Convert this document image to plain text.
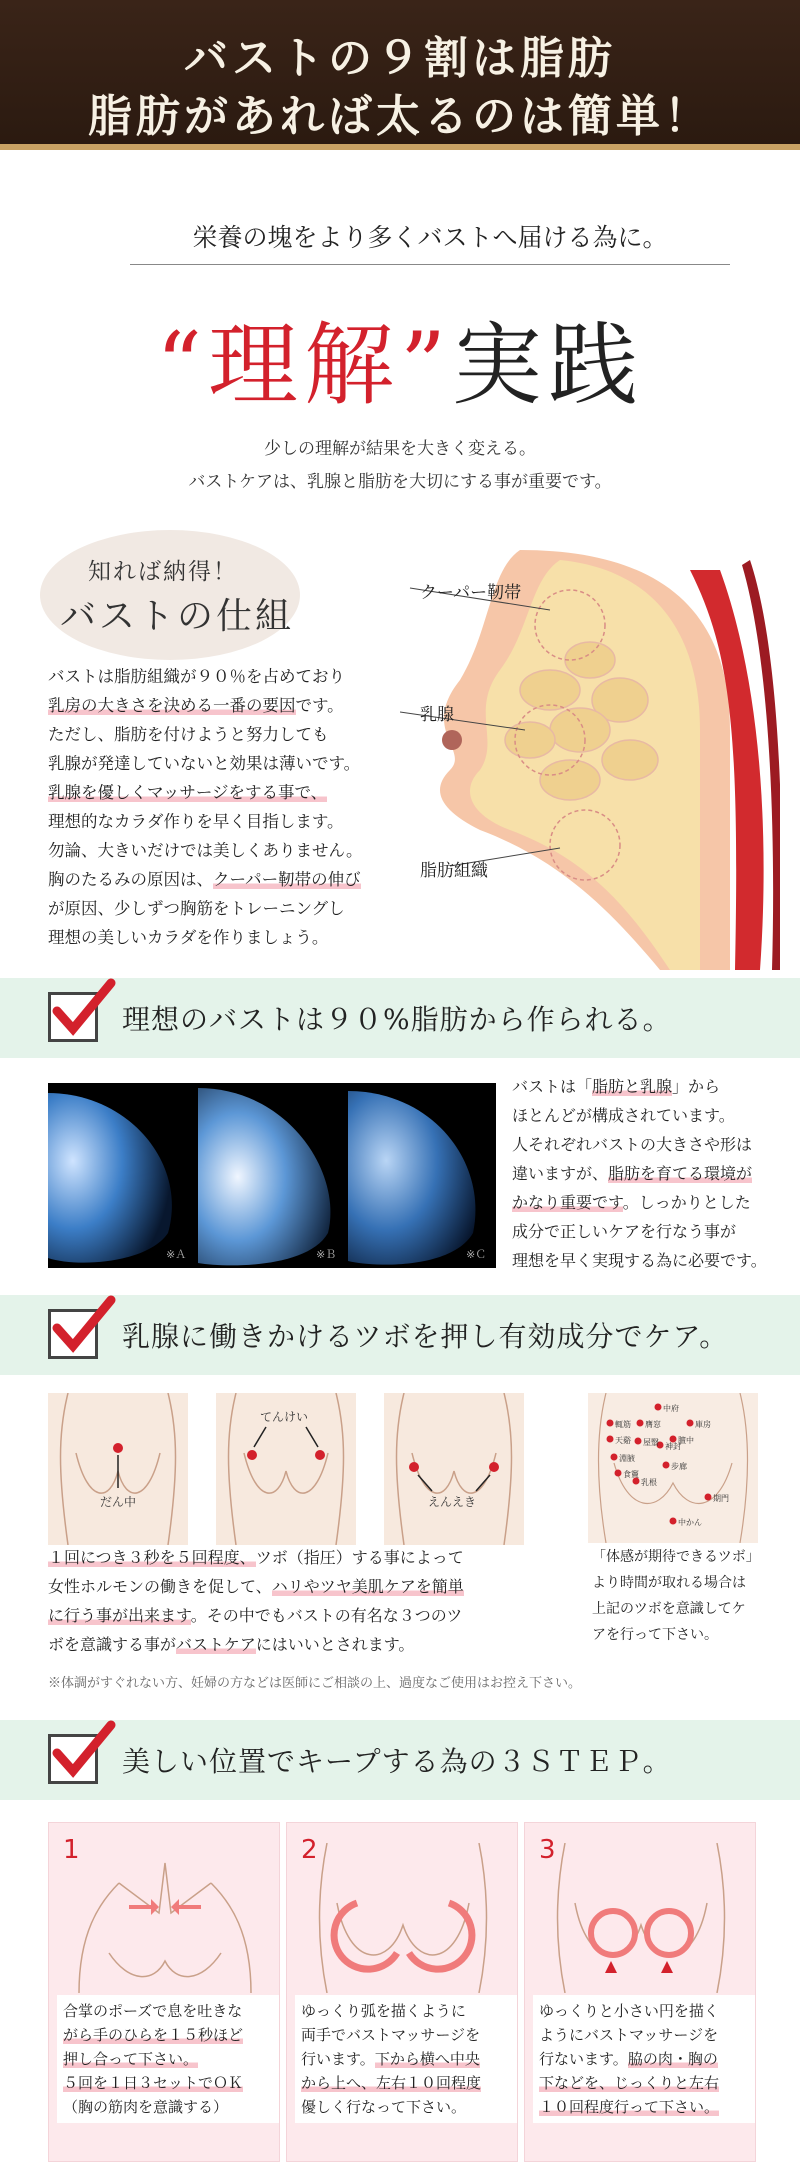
バストの９割は脂肪
脂肪があれば太るのは簡単！
栄養の塊をより多くバストへ届ける為に。
“理解”実践
少しの理解が結果を大きく変える。
バストケアは、乳腺と脂肪を大切にする事が重要です。
知れば納得！
バストの仕組

バストは脂肪組織が９０％を占めており

乳房の大きさを決める一番の要因です。

ただし、脂肪を付けようと努力しても

乳腺が発達していないと効果は薄いです。

乳腺を優しくマッサージをする事で、

理想的なカラダ作りを早く目指します。

勿論、大きいだけでは美しくありません。

胸のたるみの原因は、クーパー靭帯の伸び

が原因、少しずつ胸筋をトレーニングし

理想の美しいカラダを作りましょう。

クーパー靭帯
乳腺
脂肪組織
理想のバストは９０%脂肪から作られる。
※Ａ	※Ｂ	※Ｃ

バストは「脂肪と乳腺」から

ほとんどが構成されています。

人それぞれバストの大きさや形は

違いますが、脂肪を育てる環境が

かなり重要です。しっかりとした

成分で正しいケアを行なう事が

理想を早く実現する為に必要です。

乳腺に働きかけるツボを押し有効成分でケア。
だん中
てんけい
えんえき
中府
膺窓
屋翳
乳根
神封
步廊
天谿
輒筋
淵腋
食竇
中かん
期門
庫房
膻中

１回につき３秒を５回程度、ツボ（指圧）する事によって

女性ホルモンの働きを促して、ハリやツヤ美肌ケアを簡単

に行う事が出来ます。その中でもバストの有名な３つのツ

ボを意識する事がバストケアにはいいとされます。

「体感が期待できるツボ」

より時間が取れる場合は

上記のツボを意識してケ

アを行って下さい。

※体調がすぐれない方、妊婦の方などは医師にご相談の上、過度なご使用はお控え下さい。
美しい位置でキープする為の３ＳＴＥＰ。
1

合掌のポーズで息を吐きな

がら手のひらを１５秒ほど

押し合って下さい。

５回を１日３セットでＯＫ

（胸の筋肉を意識する）

2

ゆっくり弧を描くように

両手でバストマッサージを

行います。下から横へ中央

から上へ、左右１０回程度

優しく行なって下さい。

3

ゆっくりと小さい円を描く

ようにバストマッサージを

行ないます。脇の肉・胸の

下などを、じっくりと左右

１０回程度行って下さい。
